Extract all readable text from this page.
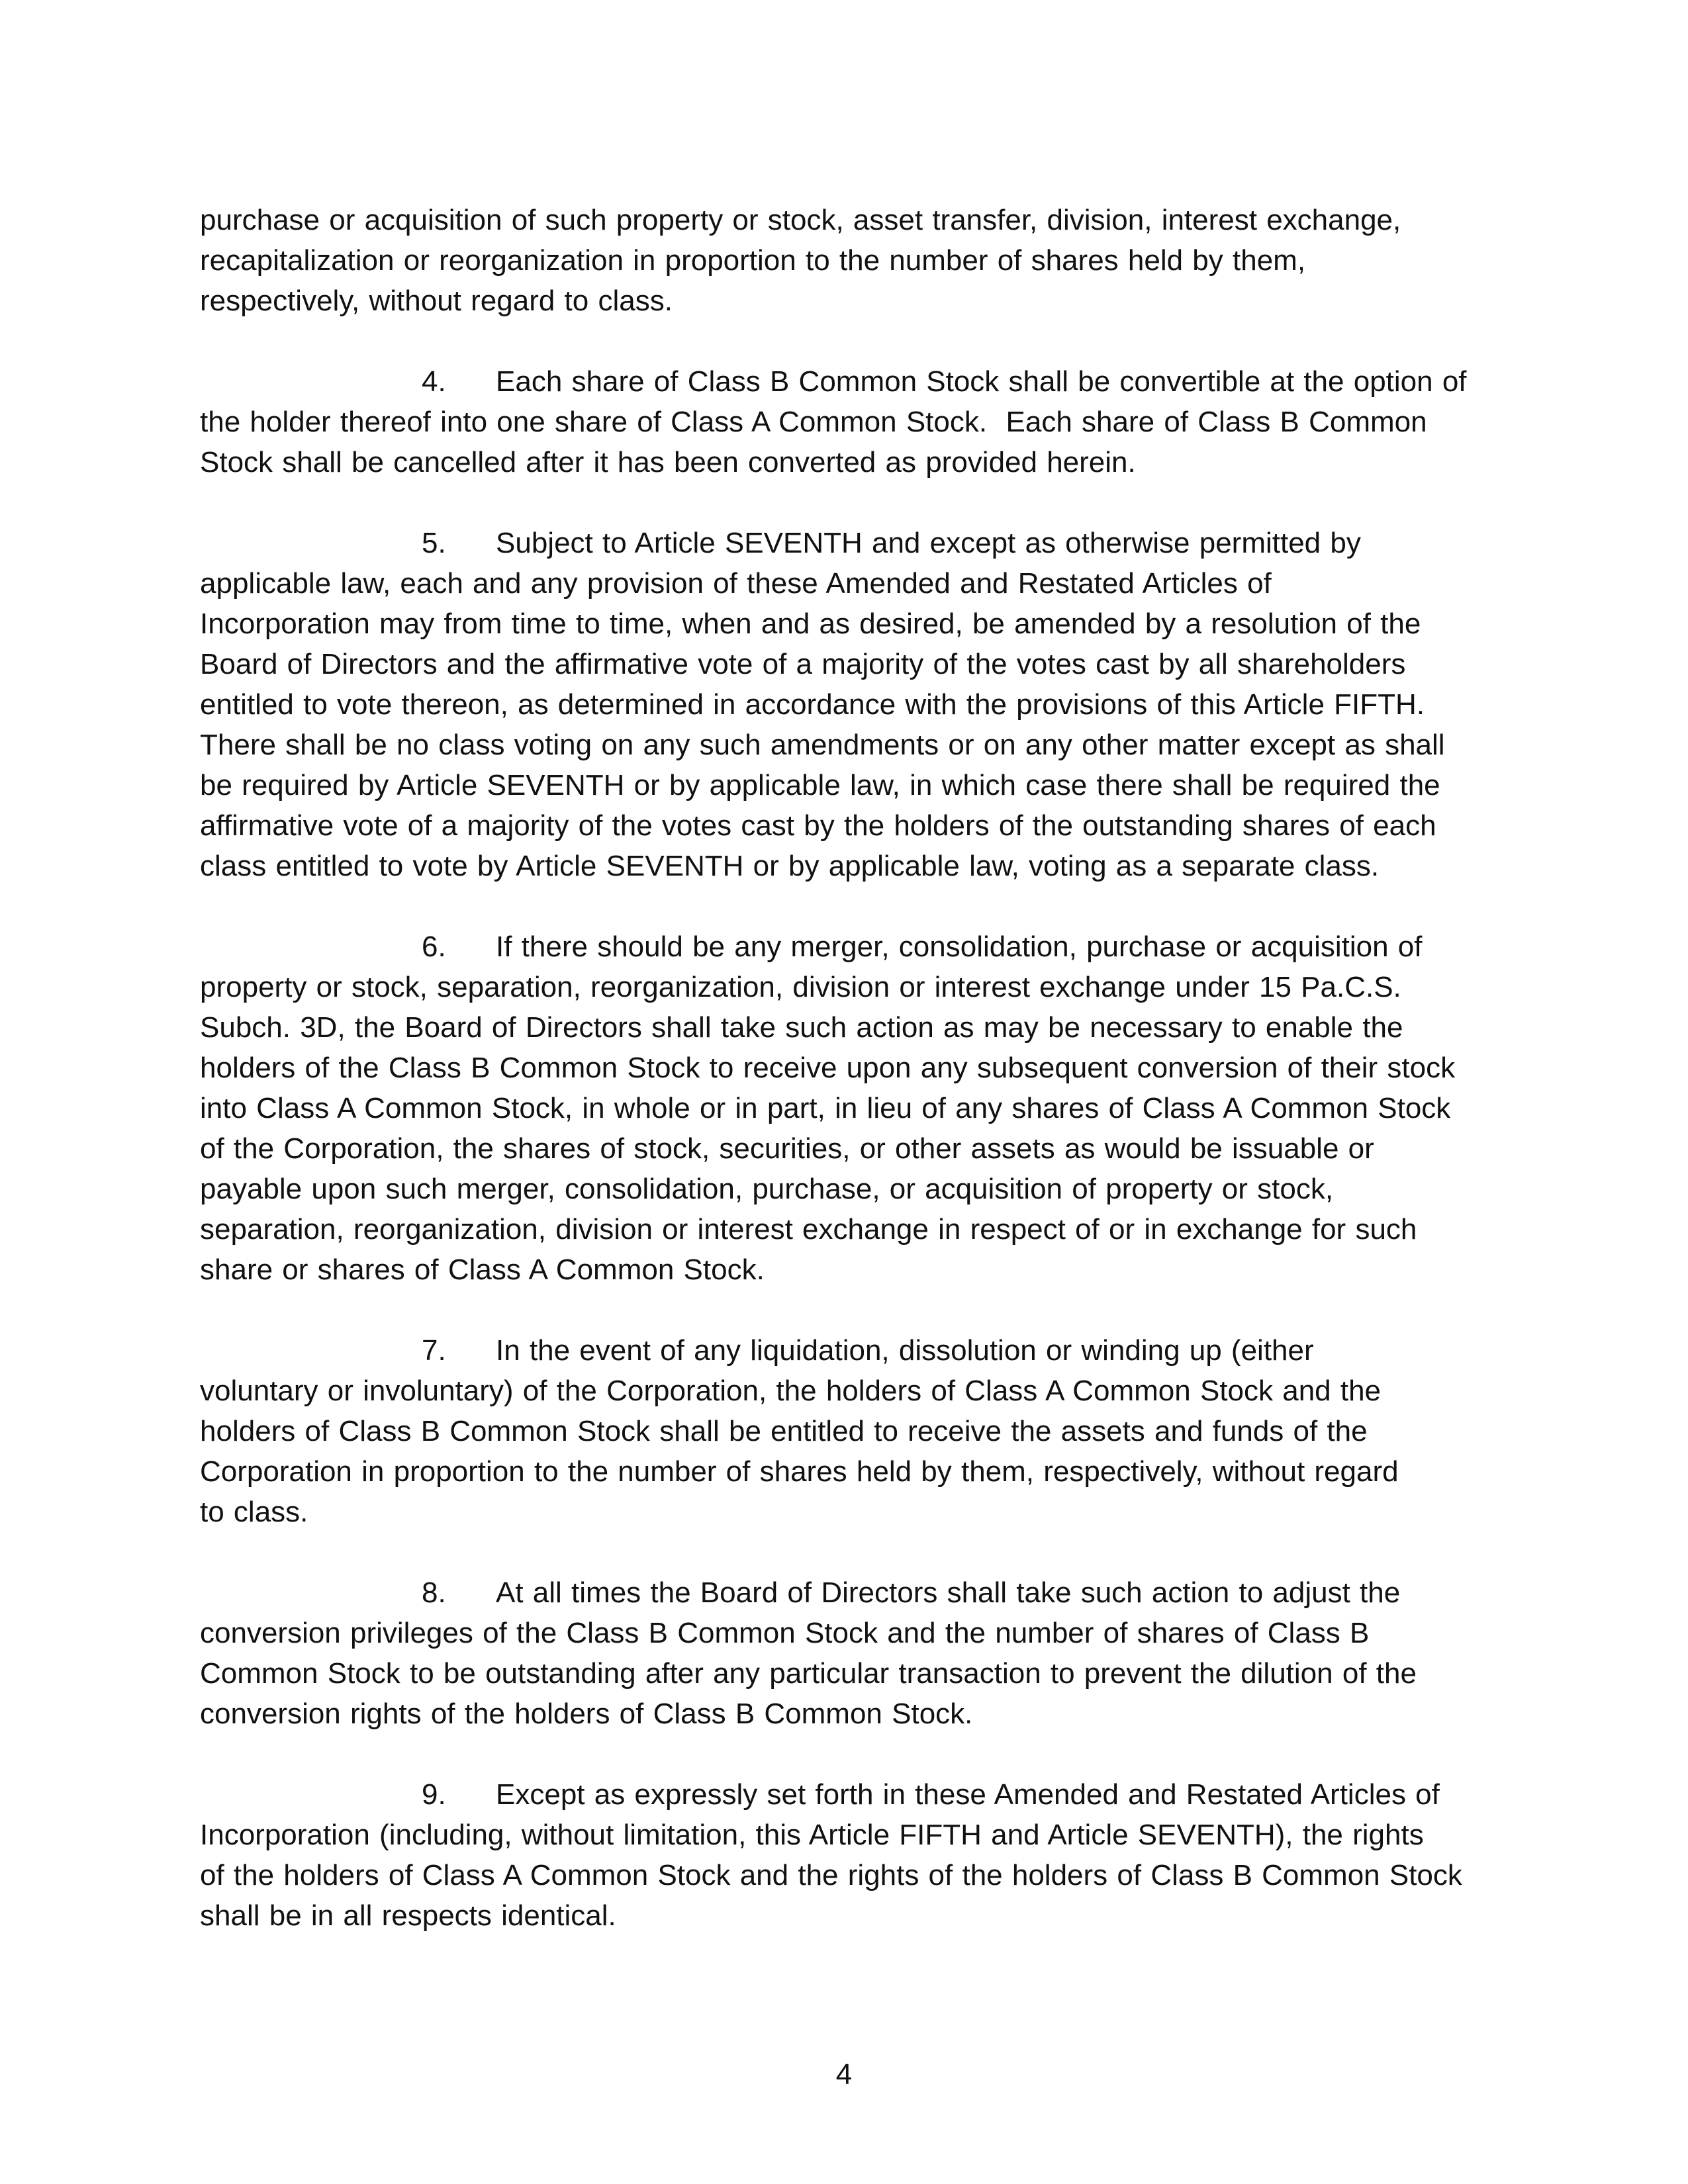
purchase or acquisition of such property or stock, asset transfer, division, interest exchange,
recapitalization or reorganization in proportion to the number of shares held by them,
respectively, without regard to class.

4. Each share of Class B Common Stock shall be convertible at the option of
the holder thereof into one share of Class A Common Stock.  Each share of Class B Common
Stock shall be cancelled after it has been converted as provided herein.

5. Subject to Article SEVENTH and except as otherwise permitted by
applicable law, each and any provision of these Amended and Restated Articles of
Incorporation may from time to time, when and as desired, be amended by a resolution of the
Board of Directors and the affirmative vote of a majority of the votes cast by all shareholders
entitled to vote thereon, as determined in accordance with the provisions of this Article FIFTH.
There shall be no class voting on any such amendments or on any other matter except as shall
be required by Article SEVENTH or by applicable law, in which case there shall be required the
affirmative vote of a majority of the votes cast by the holders of the outstanding shares of each
class entitled to vote by Article SEVENTH or by applicable law, voting as a separate class.

6. If there should be any merger, consolidation, purchase or acquisition of
property or stock, separation, reorganization, division or interest exchange under 15 Pa.C.S.
Subch. 3D, the Board of Directors shall take such action as may be necessary to enable the
holders of the Class B Common Stock to receive upon any subsequent conversion of their stock
into Class A Common Stock, in whole or in part, in lieu of any shares of Class A Common Stock
of the Corporation, the shares of stock, securities, or other assets as would be issuable or
payable upon such merger, consolidation, purchase, or acquisition of property or stock,
separation, reorganization, division or interest exchange in respect of or in exchange for such
share or shares of Class A Common Stock.

7. In the event of any liquidation, dissolution or winding up (either
voluntary or involuntary) of the Corporation, the holders of Class A Common Stock and the
holders of Class B Common Stock shall be entitled to receive the assets and funds of the
Corporation in proportion to the number of shares held by them, respectively, without regard
to class.

8. At all times the Board of Directors shall take such action to adjust the
conversion privileges of the Class B Common Stock and the number of shares of Class B
Common Stock to be outstanding after any particular transaction to prevent the dilution of the
conversion rights of the holders of Class B Common Stock.

9. Except as expressly set forth in these Amended and Restated Articles of
Incorporation (including, without limitation, this Article FIFTH and Article SEVENTH), the rights
of the holders of Class A Common Stock and the rights of the holders of Class B Common Stock
shall be in all respects identical.

4
